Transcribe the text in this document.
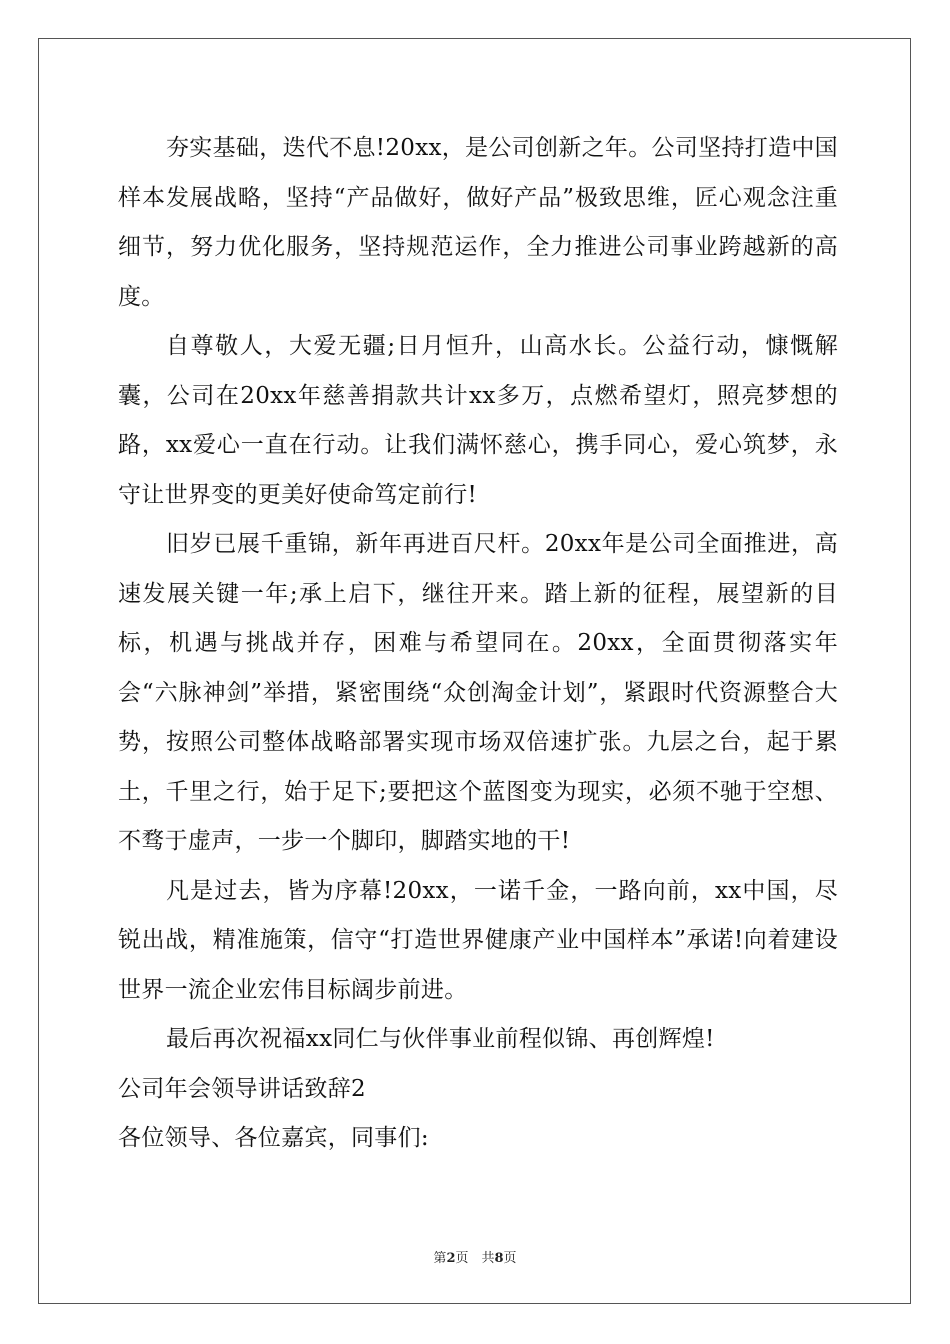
夯实基础，迭代不息!20xx，是公司创新之年。公司坚持打造中国样本发展战略，坚持“产品做好，做好产品”极致思维，匠心观念注重细节，努力优化服务，坚持规范运作，全力推进公司事业跨越新的高度。

自尊敬人，大爱无疆;日月恒升，山高水长。公益行动，慷慨解囊，公司在20xx年慈善捐款共计xx多万，点燃希望灯，照亮梦想的路，xx爱心一直在行动。让我们满怀慈心，携手同心，爱心筑梦，永守让世界变的更美好使命笃定前行!

旧岁已展千重锦，新年再进百尺杆。20xx年是公司全面推进，高速发展关键一年;承上启下，继往开来。踏上新的征程，展望新的目标，机遇与挑战并存，困难与希望同在。20xx，全面贯彻落实年会“六脉神剑”举措，紧密围绕“众创淘金计划”，紧跟时代资源整合大势，按照公司整体战略部署实现市场双倍速扩张。九层之台，起于累土，千里之行，始于足下;要把这个蓝图变为现实，必须不驰于空想、不骛于虚声，一步一个脚印，脚踏实地的干!

凡是过去，皆为序幕!20xx，一诺千金，一路向前，xx中国，尽锐出战，精准施策，信守“打造世界健康产业中国样本”承诺!向着建设世界一流企业宏伟目标阔步前进。

最后再次祝福xx同仁与伙伴事业前程似锦、再创辉煌!

公司年会领导讲话致辞2

各位领导、各位嘉宾，同事们:

第2页　共8页
